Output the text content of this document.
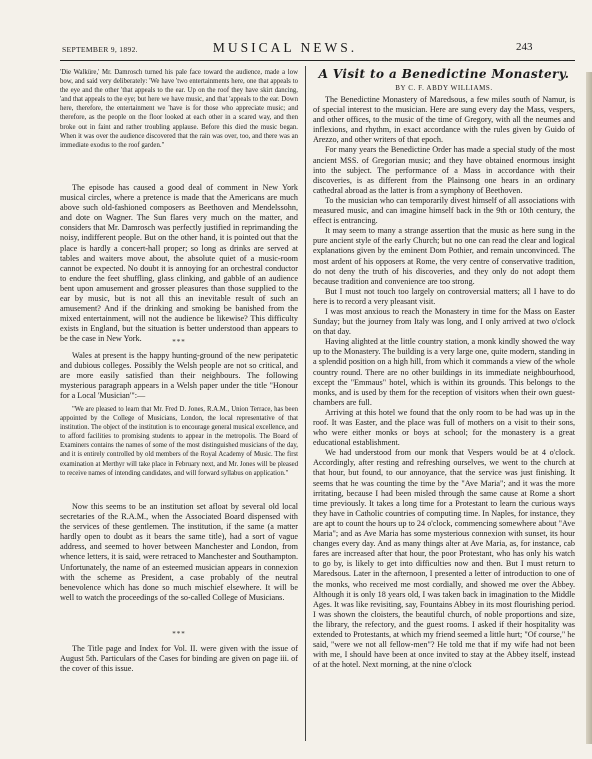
SEPTEMBER 9, 1892.	MUSICAL NEWS.	243

'Die Walküre,' Mr. Damrosch turned his pale face toward the audience, made a low bow, and said very deliberately: 'We have 'two entertainments here, one that appeals to the eye and the other 'that appeals to the ear. Up on the roof they have skirt dancing, 'and that appeals to the eye; but here we have music, and that 'appeals to the ear. Down here, therefore, the entertainment we 'have is for those who appreciate music; and therefore, as the people on the floor looked at each other in a scared way, and then broke out in faint and rather troubling applause. Before this died the music began. When it was over the audience discovered that the rain was over, too, and there was an immediate exodus to the roof garden."

The episode has caused a good deal of comment in New York musical circles, where a pretence is made that the Americans are much above such old-fashioned composers as Beethoven and Mendelssohn, and dote on Wagner. The Sun flares very much on the matter, and considers that Mr. Damrosch was perfectly justified in reprimanding the noisy, indifferent people. But on the other hand, it is pointed out that the place is hardly a concert-hall proper; so long as drinks are served at tables and waiters move about, the absolute quiet of a music-room cannot be expected. No doubt it is annoying for an orchestral conductor to endure the feet shuffling, glass clinking, and gabble of an audience bent upon amusement and grosser pleasures than those supplied to the ear by music, but is not all this an inevitable result of such an amusement? And if the drinking and smoking be banished from the mixed entertainment, will not the audience be likewise? This difficulty exists in England, but the situation is better understood than appears to be the case in New York.	***

Wales at present is the happy hunting-ground of the new peripatetic and dubious colleges. Possibly the Welsh people are not so critical, and are more easily satisfied than their neighbours. The following mysterious paragraph appears in a Welsh paper under the title "Honour for a Local 'Musician'":—

"We are pleased to learn that Mr. Fred D. Jones, R.A.M., Union Terrace, has been appointed by the College of Musicians, London, the local representative of that institution. The object of the institution is to encourage general musical excellence, and to afford facilities to promising students to appear in the metropolis. The Board of Examiners contains the names of some of the most distinguished musicians of the day, and it is entirely controlled by old members of the Royal Academy of Music. The first examination at Merthyr will take place in February next, and Mr. Jones will be pleased to receive names of intending candidates, and will forward syllabus on application."

Now this seems to be an institution set afloat by several old local secretaries of the R.A.M., when the Associated Board dispensed with the services of these gentlemen. The institution, if the same (a matter hardly open to doubt as it bears the same title), had a sort of vague address, and seemed to hover between Manchester and London, from whence letters, it is said, were retraced to Manchester and Southampton. Unfortunately, the name of an esteemed musician appears in connexion with the scheme as President, a case probably of the neutral benevolence which has done so much mischief elsewhere. It will be well to watch the proceedings of the so-called College of Musicians.

***

The Title page and Index for Vol. II. were given with the issue of August 5th. Particulars of the Cases for binding are given on page iii. of the cover of this issue.

A Visit to a Benedictine Monastery.
BY C. F. ABDY WILLIAMS.

The Benedictine Monastery of Maredsous, a few miles south of Namur, is of special interest to the musician. Here are sung every day the Mass, vespers, and other offices, to the music of the time of Gregory, with all the neumes and inflexions, and rhythm, in exact accordance with the rules given by Guido of Arezzo, and other writers of that epoch.

For many years the Benedictine Order has made a special study of the most ancient MSS. of Gregorian music; and they have obtained enormous insight into the subject. The performance of a Mass in accordance with their discoveries, is as different from the Plainsong one hears in an ordinary cathedral abroad as the latter is from a symphony of Beethoven.

To the musician who can temporarily divest himself of all associations with measured music, and can imagine himself back in the 9th or 10th century, the effect is entrancing.

It may seem to many a strange assertion that the music as here sung in the pure ancient style of the early Church; but no one can read the clear and logical explanations given by the eminent Dom Pothier, and remain unconvinced. The most ardent of his opposers at Rome, the very centre of conservative tradition, do not deny the truth of his discoveries, and they only do not adopt them because tradition and convenience are too strong.

But I must not touch too largely on controversial matters; all I have to do here is to record a very pleasant visit.

I was most anxious to reach the Monastery in time for the Mass on Easter Sunday; but the journey from Italy was long, and I only arrived at two o'clock on that day.

Having alighted at the little country station, a monk kindly showed the way up to the Monastery. The building is a very large one, quite modern, standing in a splendid position on a high hill, from which it commands a view of the whole country round. There are no other buildings in its immediate neighbourhood, except the "Emmaus" hotel, which is within its grounds. This belongs to the monks, and is used by them for the reception of visitors when their own guest-chambers are full.

Arriving at this hotel we found that the only room to be had was up in the roof. It was Easter, and the place was full of mothers on a visit to their sons, who were either monks or boys at school; for the monastery is a great educational establishment.

We had understood from our monk that Vespers would be at 4 o'clock. Accordingly, after resting and refreshing ourselves, we went to the church at that hour, but found, to our annoyance, that the service was just finishing. It seems that he was counting the time by the "Ave Maria"; and it was the more irritating, because I had been misled through the same cause at Rome a short time previously. It takes a long time for a Protestant to learn the curious ways they have in Catholic countries of computing time. In Naples, for instance, they are apt to count the hours up to 24 o'clock, commencing somewhere about "Ave Maria"; and as Ave Maria has some mysterious connexion with sunset, its hour changes every day. And as many things alter at Ave Maria, as, for instance, cab fares are increased after that hour, the poor Protestant, who has only his watch to go by, is likely to get into difficulties now and then. But I must return to Maredsous. Later in the afternoon, I presented a letter of introduction to one of the monks, who received me most cordially, and showed me over the Abbey. Although it is only 18 years old, I was taken back in imagination to the Middle Ages. It was like revisiting, say, Fountains Abbey in its most flourishing period. I was shown the cloisters, the beautiful church, of noble proportions and size, the library, the refectory, and the guest rooms. I asked if their hospitality was extended to Protestants, at which my friend seemed a little hurt; "Of course," he said, "were we not all fellow-men"? He told me that if my wife had not been with me, I should have been at once invited to stay at the Abbey itself, instead of at the hotel. Next morning, at the nine o'clock
